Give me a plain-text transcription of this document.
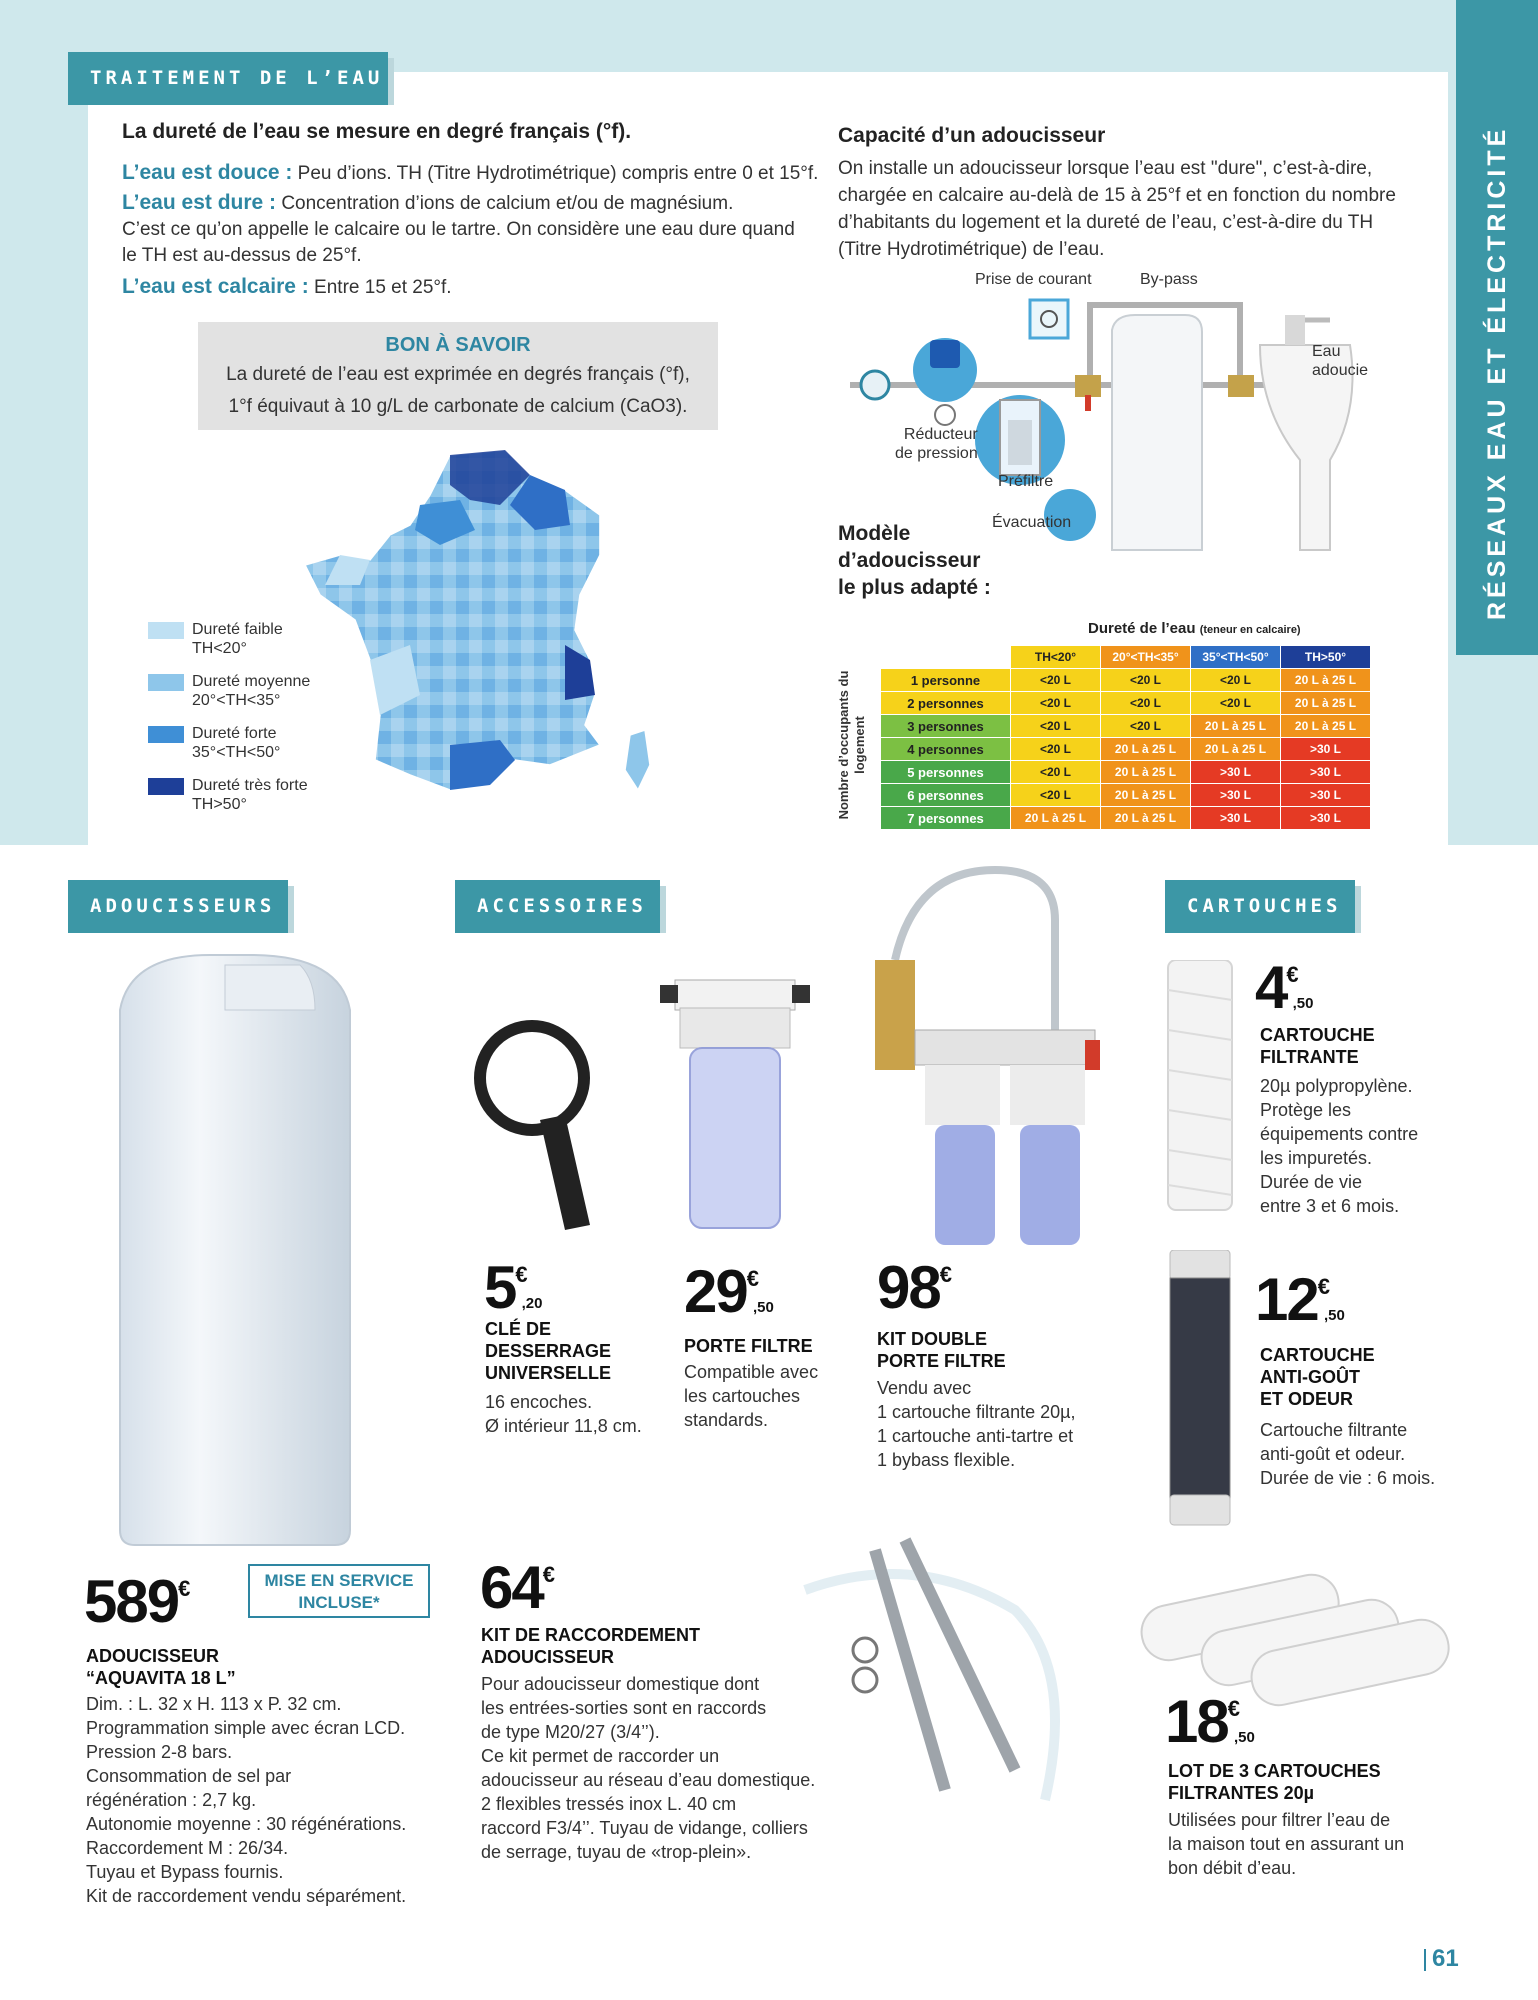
RÉSEAUX EAU ET ÉLECTRICITÉ
TRAITEMENT DE L’EAU
La dureté de l’eau se mesure en degré français (°f).
L’eau est douce : Peu d’ions. TH (Titre Hydrotimétrique) compris entre 0 et 15°f.
L’eau est dure : Concentration d’ions de calcium et/ou de magnésium.
C’est ce qu’on appelle le calcaire ou le tartre. On considère une eau dure quand
le TH est au-dessus de 25°f.
L’eau est calcaire : Entre 15 et 25°f.
BON À SAVOIR
La dureté de l’eau est exprimée en degrés français (°f),
1°f équivaut à 10 g/L de carbonate de calcium (CaO3).
Dureté faible
TH<20°
Dureté moyenne
20°<TH<35°
Dureté forte
35°<TH<50°
Dureté très forte
TH>50°
Capacité d’un adoucisseur
On installe un adoucisseur lorsque l’eau est "dure", c’est-à-dire,
chargée en calcaire au-delà de 15 à 25°f et en fonction du nombre
d’habitants du logement et la dureté de l’eau, c’est-à-dire du TH
(Titre Hydrotimétrique) de l’eau.
Prise de courant	By-pass
Eau adoucie
Réducteur
de pression
Préfiltre
Évacuation
Modèle
d’adoucisseur
le plus adapté :
Dureté de l’eau (teneur en calcaire)
Nombre d’occupants du logement
	TH<20°	20°<TH<35°	35°<TH<50°	TH>50°
1 personne	<20 L	<20 L	<20 L	20 L à 25 L
2 personnes	<20 L	<20 L	<20 L	20 L à 25 L
3 personnes	<20 L	<20 L	20 L à 25 L	20 L à 25 L
4 personnes	<20 L	20 L à 25 L	20 L à 25 L	>30 L
5 personnes	<20 L	20 L à 25 L	>30 L	>30 L
6 personnes	<20 L	20 L à 25 L	>30 L	>30 L
7 personnes	20 L à 25 L	20 L à 25 L	>30 L	>30 L
ADOUCISSEURS	ACCESSOIRES	CARTOUCHES
MISE EN SERVICE
INCLUSE*
589€
ADOUCISSEUR
“AQUAVITA 18 L”
Dim. : L. 32 x H. 113 x P. 32 cm.
Programmation simple avec écran LCD.
Pression 2-8 bars.
Consommation de sel par
régénération : 2,7 kg.
Autonomie moyenne : 30 régénérations.
Raccordement M : 26/34.
Tuyau et Bypass fournis.
Kit de raccordement vendu séparément.
5€,20
CLÉ DE
DESSERRAGE
UNIVERSELLE
16 encoches.
Ø intérieur 11,8 cm.
29€,50
PORTE FILTRE
Compatible avec
les cartouches
standards.
98€
KIT DOUBLE
PORTE FILTRE
Vendu avec
1 cartouche filtrante 20µ,
1 cartouche anti-tartre et
1 bybass flexible.
64€
KIT DE RACCORDEMENT
ADOUCISSEUR
Pour adoucisseur domestique dont
les entrées-sorties sont en raccords
de type M20/27 (3/4’’).
Ce kit permet de raccorder un
adoucisseur au réseau d’eau domestique.
2 flexibles tressés inox L. 40 cm
raccord F3/4’’. Tuyau de vidange, colliers
de serrage, tuyau de «trop-plein».
4€,50
CARTOUCHE
FILTRANTE
20µ polypropylène.
Protège les
équipements contre
les impuretés.
Durée de vie
entre 3 et 6 mois.
12€,50
CARTOUCHE
ANTI-GOÛT
ET ODEUR
Cartouche filtrante
anti-goût et odeur.
Durée de vie : 6 mois.
18€,50
LOT DE 3 CARTOUCHES
FILTRANTES 20µ
Utilisées pour filtrer l’eau de
la maison tout en assurant un
bon débit d’eau.
61
